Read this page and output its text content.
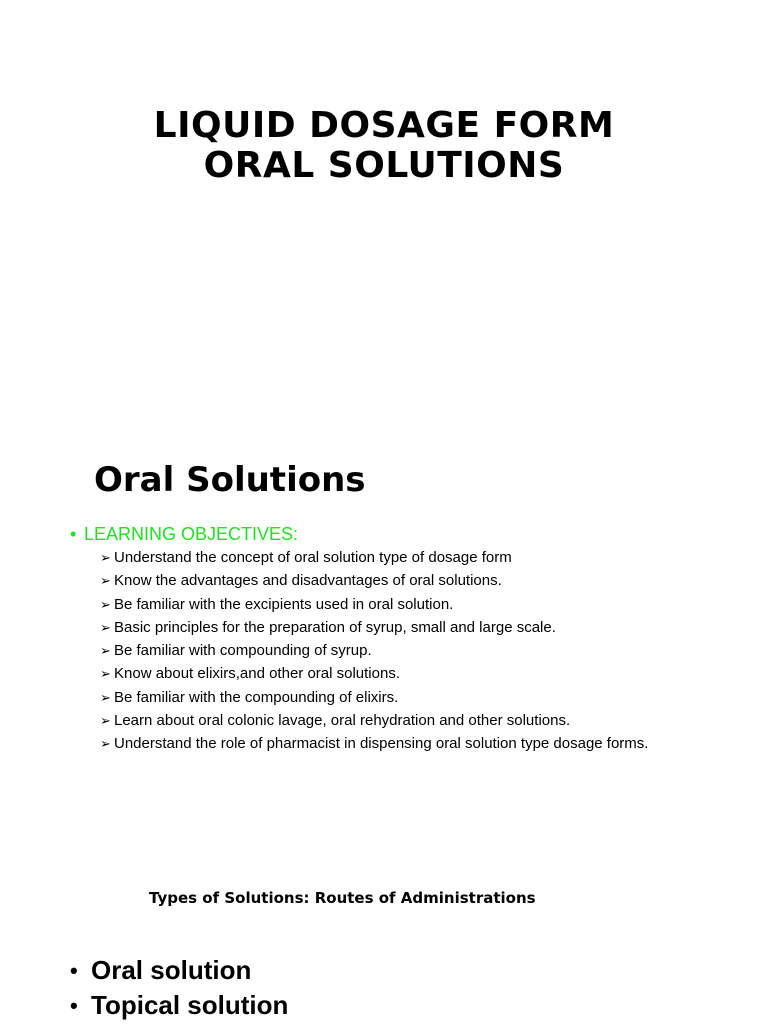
LIQUID DOSAGE FORM
ORAL SOLUTIONS
Oral Solutions
• LEARNING OBJECTIVES:
➢ Understand the concept of oral solution type of dosage form
➢ Know the advantages and disadvantages of oral solutions.
➢ Be familiar with the excipients used in oral solution.
➢ Basic principles for the preparation of syrup, small and large scale.
➢ Be familiar with compounding of syrup.
➢ Know about elixirs,and other oral solutions.
➢ Be familiar with the compounding of elixirs.
➢ Learn about oral colonic lavage, oral rehydration and other solutions.
➢ Understand the role of pharmacist in dispensing oral solution type dosage forms.
Types of Solutions: Routes of Administrations
• Oral solution
• Topical solution
